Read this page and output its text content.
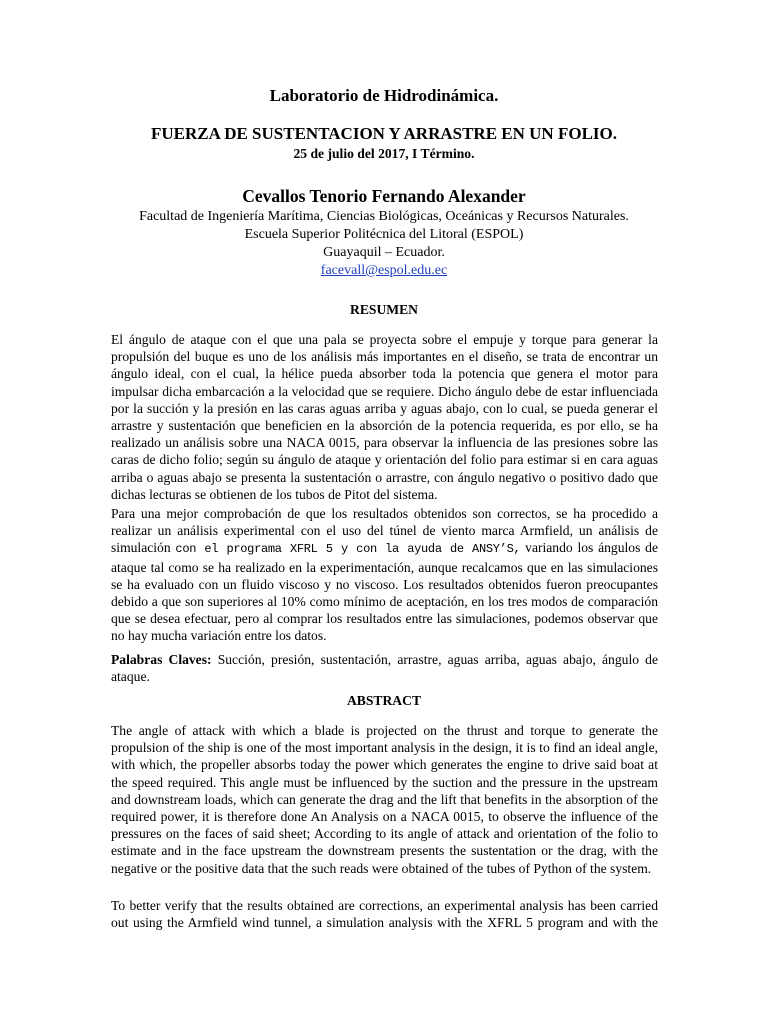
Laboratorio de Hidrodinámica.
FUERZA DE SUSTENTACION Y ARRASTRE EN UN FOLIO.
25 de julio del 2017, I Término.
Cevallos Tenorio Fernando Alexander
Facultad de Ingeniería Marítima, Ciencias Biológicas, Oceánicas y Recursos Naturales.
Escuela Superior Politécnica del Litoral (ESPOL)
Guayaquil – Ecuador.
facevall@espol.edu.ec
RESUMEN
El ángulo de ataque con el que una pala se proyecta sobre el empuje y torque para generar la propulsión del buque es uno de los análisis más importantes en el diseño, se trata de encontrar un ángulo ideal, con el cual, la hélice pueda absorber toda la potencia que genera el motor para impulsar dicha embarcación a la velocidad que se requiere. Dicho ángulo debe de estar influenciada por la succión y la presión en las caras aguas arriba y aguas abajo, con lo cual, se pueda generar el arrastre y sustentación que beneficien en la absorción de la potencia requerida, es por ello, se ha realizado un análisis sobre una NACA 0015, para observar la influencia de las presiones sobre las caras de dicho folio; según su ángulo de ataque y orientación del folio para estimar si en cara aguas arriba o aguas abajo se presenta la sustentación o arrastre, con ángulo negativo o positivo dado que dichas lecturas se obtienen de los tubos de Pitot del sistema.
Para una mejor comprobación de que los resultados obtenidos son correctos, se ha procedido a realizar un análisis experimental con el uso del túnel de viento marca Armfield, un análisis de simulación con el programa XFRL 5 y con la ayuda de ANSY’S, variando los ángulos de ataque tal como se ha realizado en la experimentación, aunque recalcamos que en las simulaciones se ha evaluado con un fluido viscoso y no viscoso. Los resultados obtenidos fueron preocupantes debido a que son superiores al 10% como mínimo de aceptación, en los tres modos de comparación que se desea efectuar, pero al comprar los resultados entre las simulaciones, podemos observar que no hay mucha variación entre los datos.
Palabras Claves: Succión, presión, sustentación, arrastre, aguas arriba, aguas abajo, ángulo de ataque.
ABSTRACT
The angle of attack with which a blade is projected on the thrust and torque to generate the propulsion of the ship is one of the most important analysis in the design, it is to find an ideal angle, with which, the propeller absorbs today the power which generates the engine to drive said boat at the speed required. This angle must be influenced by the suction and the pressure in the upstream and downstream loads, which can generate the drag and the lift that benefits in the absorption of the required power, it is therefore done An Analysis on a NACA 0015, to observe the influence of the pressures on the faces of said sheet; According to its angle of attack and orientation of the folio to estimate and in the face upstream the downstream presents the sustentation or the drag, with the negative or the positive data that the such reads were obtained of the tubes of Python of the system.
To better verify that the results obtained are corrections, an experimental analysis has been carried out using the Armfield wind tunnel, a simulation analysis with the XFRL 5 program and with the
